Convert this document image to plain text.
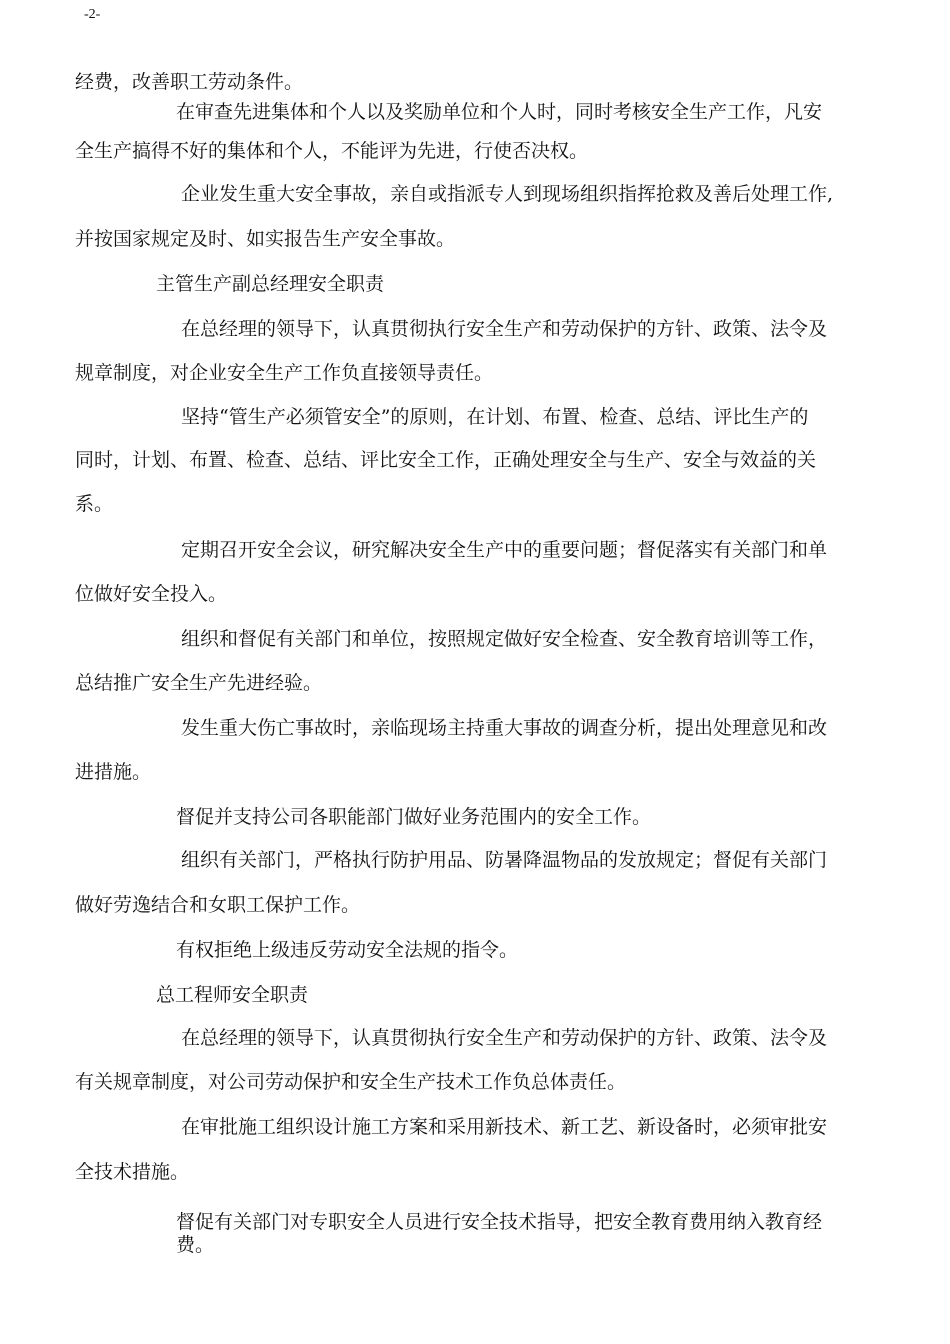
-2-
经费，改善职工劳动条件。
在审查先进集体和个人以及奖励单位和个人时，同时考核安全生产工作，凡安
全生产搞得不好的集体和个人，不能评为先进，行使否决权。
企业发生重大安全事故，亲自或指派专人到现场组织指挥抢救及善后处理工作,
并按国家规定及时、如实报告生产安全事故。
主管生产副总经理安全职责
在总经理的领导下，认真贯彻执行安全生产和劳动保护的方针、政策、法令及
规章制度，对企业安全生产工作负直接领导责任。
坚持“管生产必须管安全”的原则，在计划、布置、检查、总结、评比生产的
同时，计划、布置、检查、总结、评比安全工作，正确处理安全与生产、安全与效益的关
系。
定期召开安全会议，研究解决安全生产中的重要问题；督促落实有关部门和单
位做好安全投入。
组织和督促有关部门和单位，按照规定做好安全检查、安全教育培训等工作，
总结推广安全生产先进经验。
发生重大伤亡事故时，亲临现场主持重大事故的调查分析，提出处理意见和改
进措施。
督促并支持公司各职能部门做好业务范围内的安全工作。
组织有关部门，严格执行防护用品、防暑降温物品的发放规定；督促有关部门
做好劳逸结合和女职工保护工作。
有权拒绝上级违反劳动安全法规的指令。
总工程师安全职责
在总经理的领导下，认真贯彻执行安全生产和劳动保护的方针、政策、法令及
有关规章制度，对公司劳动保护和安全生产技术工作负总体责任。
在审批施工组织设计施工方案和采用新技术、新工艺、新设备时，必须审批安
全技术措施。
督促有关部门对专职安全人员进行安全技术指导，把安全教育费用纳入教育经
费。
